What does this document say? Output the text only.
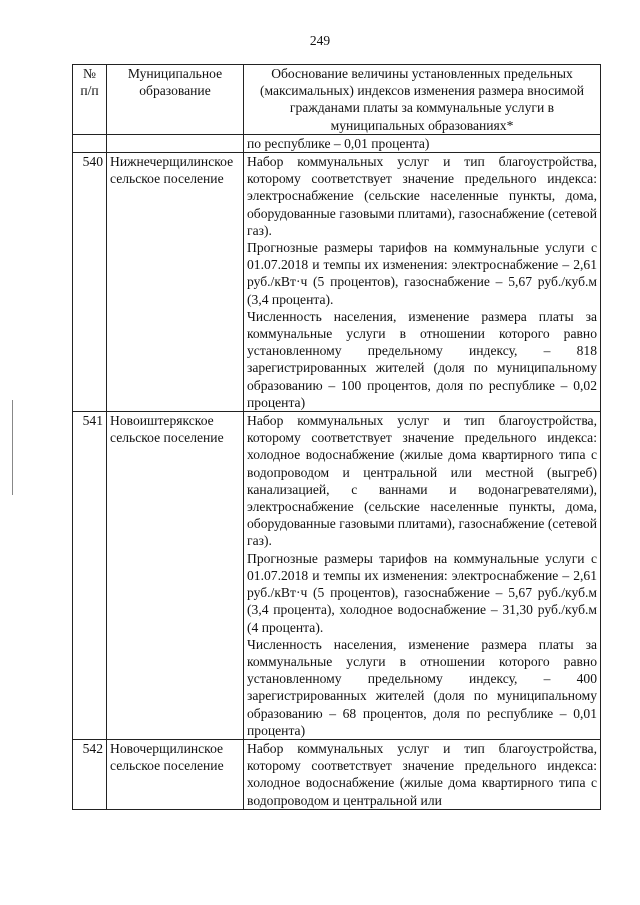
249
№ п/п	Муниципальное образование	Обоснование величины установленных предельных (максимальных) индексов изменения размера вносимой гражданами платы за коммунальные услуги в муниципальных образованиях*

		по республике – 0,01 процента)

540	Нижнечерщилинское сельское поселение	Набор коммунальных услуг и тип благоустройства, которому соответствует значение предельного индекса: электроснабжение (сельские населенные пункты, дома, оборудованные газовыми плитами), газоснабжение (сетевой газ).

Прогнозные размеры тарифов на коммунальные услуги с 01.07.2018 и темпы их изменения: электроснабжение – 2,61 руб./кВт·ч (5 процентов), газоснабжение – 5,67 руб./куб.м (3,4 процента).

Численность населения, изменение размера платы за коммунальные услуги в отношении которого равно установленному предельному индексу, – 818 зарегистрированных жителей (доля по муниципальному образованию – 100 процентов, доля по республике – 0,02 процента)

541	Новоиштерякское сельское поселение	Набор коммунальных услуг и тип благоустройства, которому соответствует значение предельного индекса: холодное водоснабжение (жилые дома квартирного типа с водопроводом и центральной или местной (выгреб) канализацией, с ваннами и водонагревателями), электроснабжение (сельские населенные пункты, дома, оборудованные газовыми плитами), газоснабжение (сетевой газ).

Прогнозные размеры тарифов на коммунальные услуги с 01.07.2018 и темпы их изменения: электроснабжение – 2,61 руб./кВт·ч (5 процентов), газоснабжение – 5,67 руб./куб.м (3,4 процента), холодное водоснабжение – 31,30 руб./куб.м (4 процента).

Численность населения, изменение размера платы за коммунальные услуги в отношении которого равно установленному предельному индексу, – 400 зарегистрированных жителей (доля по муниципальному образованию – 68 процентов, доля по республике – 0,01 процента)

542	Новочерщилинское сельское поселение	Набор коммунальных услуг и тип благоустройства, которому соответствует значение предельного индекса: холодное водоснабжение (жилые дома квартирного типа с водопроводом и центральной или
